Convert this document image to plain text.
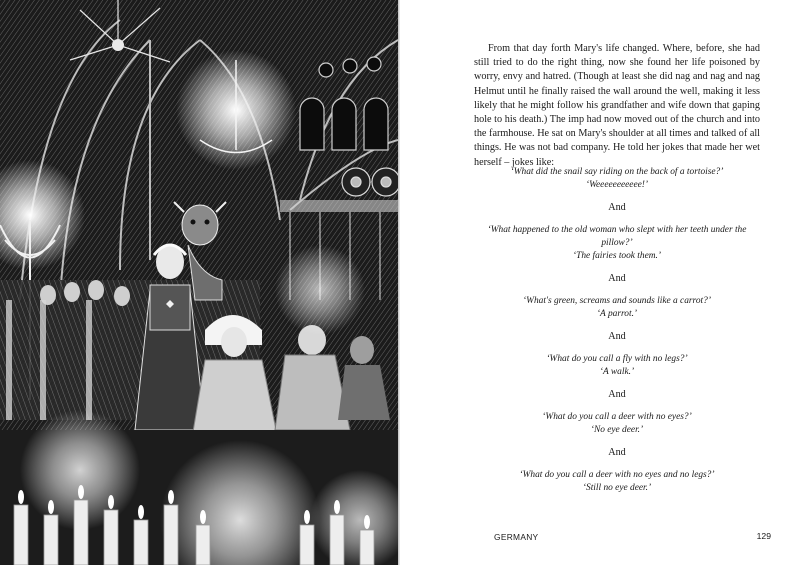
From that day forth Mary's life changed. Where, before, she had still tried to do the right thing, now she found her life poisoned by worry, envy and hatred. (Though at least she did nag and nag and nag Helmut until he finally raised the wall around the well, making it less likely that he might follow his grandfather and wife down that gaping hole to his death.) The imp had now moved out of the church and into the farmhouse. He sat on Mary's shoulder at all times and talked of all things. He was not bad company. He told her jokes that made her wet herself – jokes like:

‘What did the snail say riding on the back of a tortoise?’
‘Weeeeeeeeeee!’
And
‘What happened to the old woman who slept with her teeth under the pillow?’
‘The fairies took them.’
And
‘What's green, screams and sounds like a carrot?’
‘A parrot.’
And
‘What do you call a fly with no legs?’
‘A walk.’
And
‘What do you call a deer with no eyes?’
‘No eye deer.’
And
‘What do you call a deer with no eyes and no legs?’
‘Still no eye deer.’
GERMANY	129
